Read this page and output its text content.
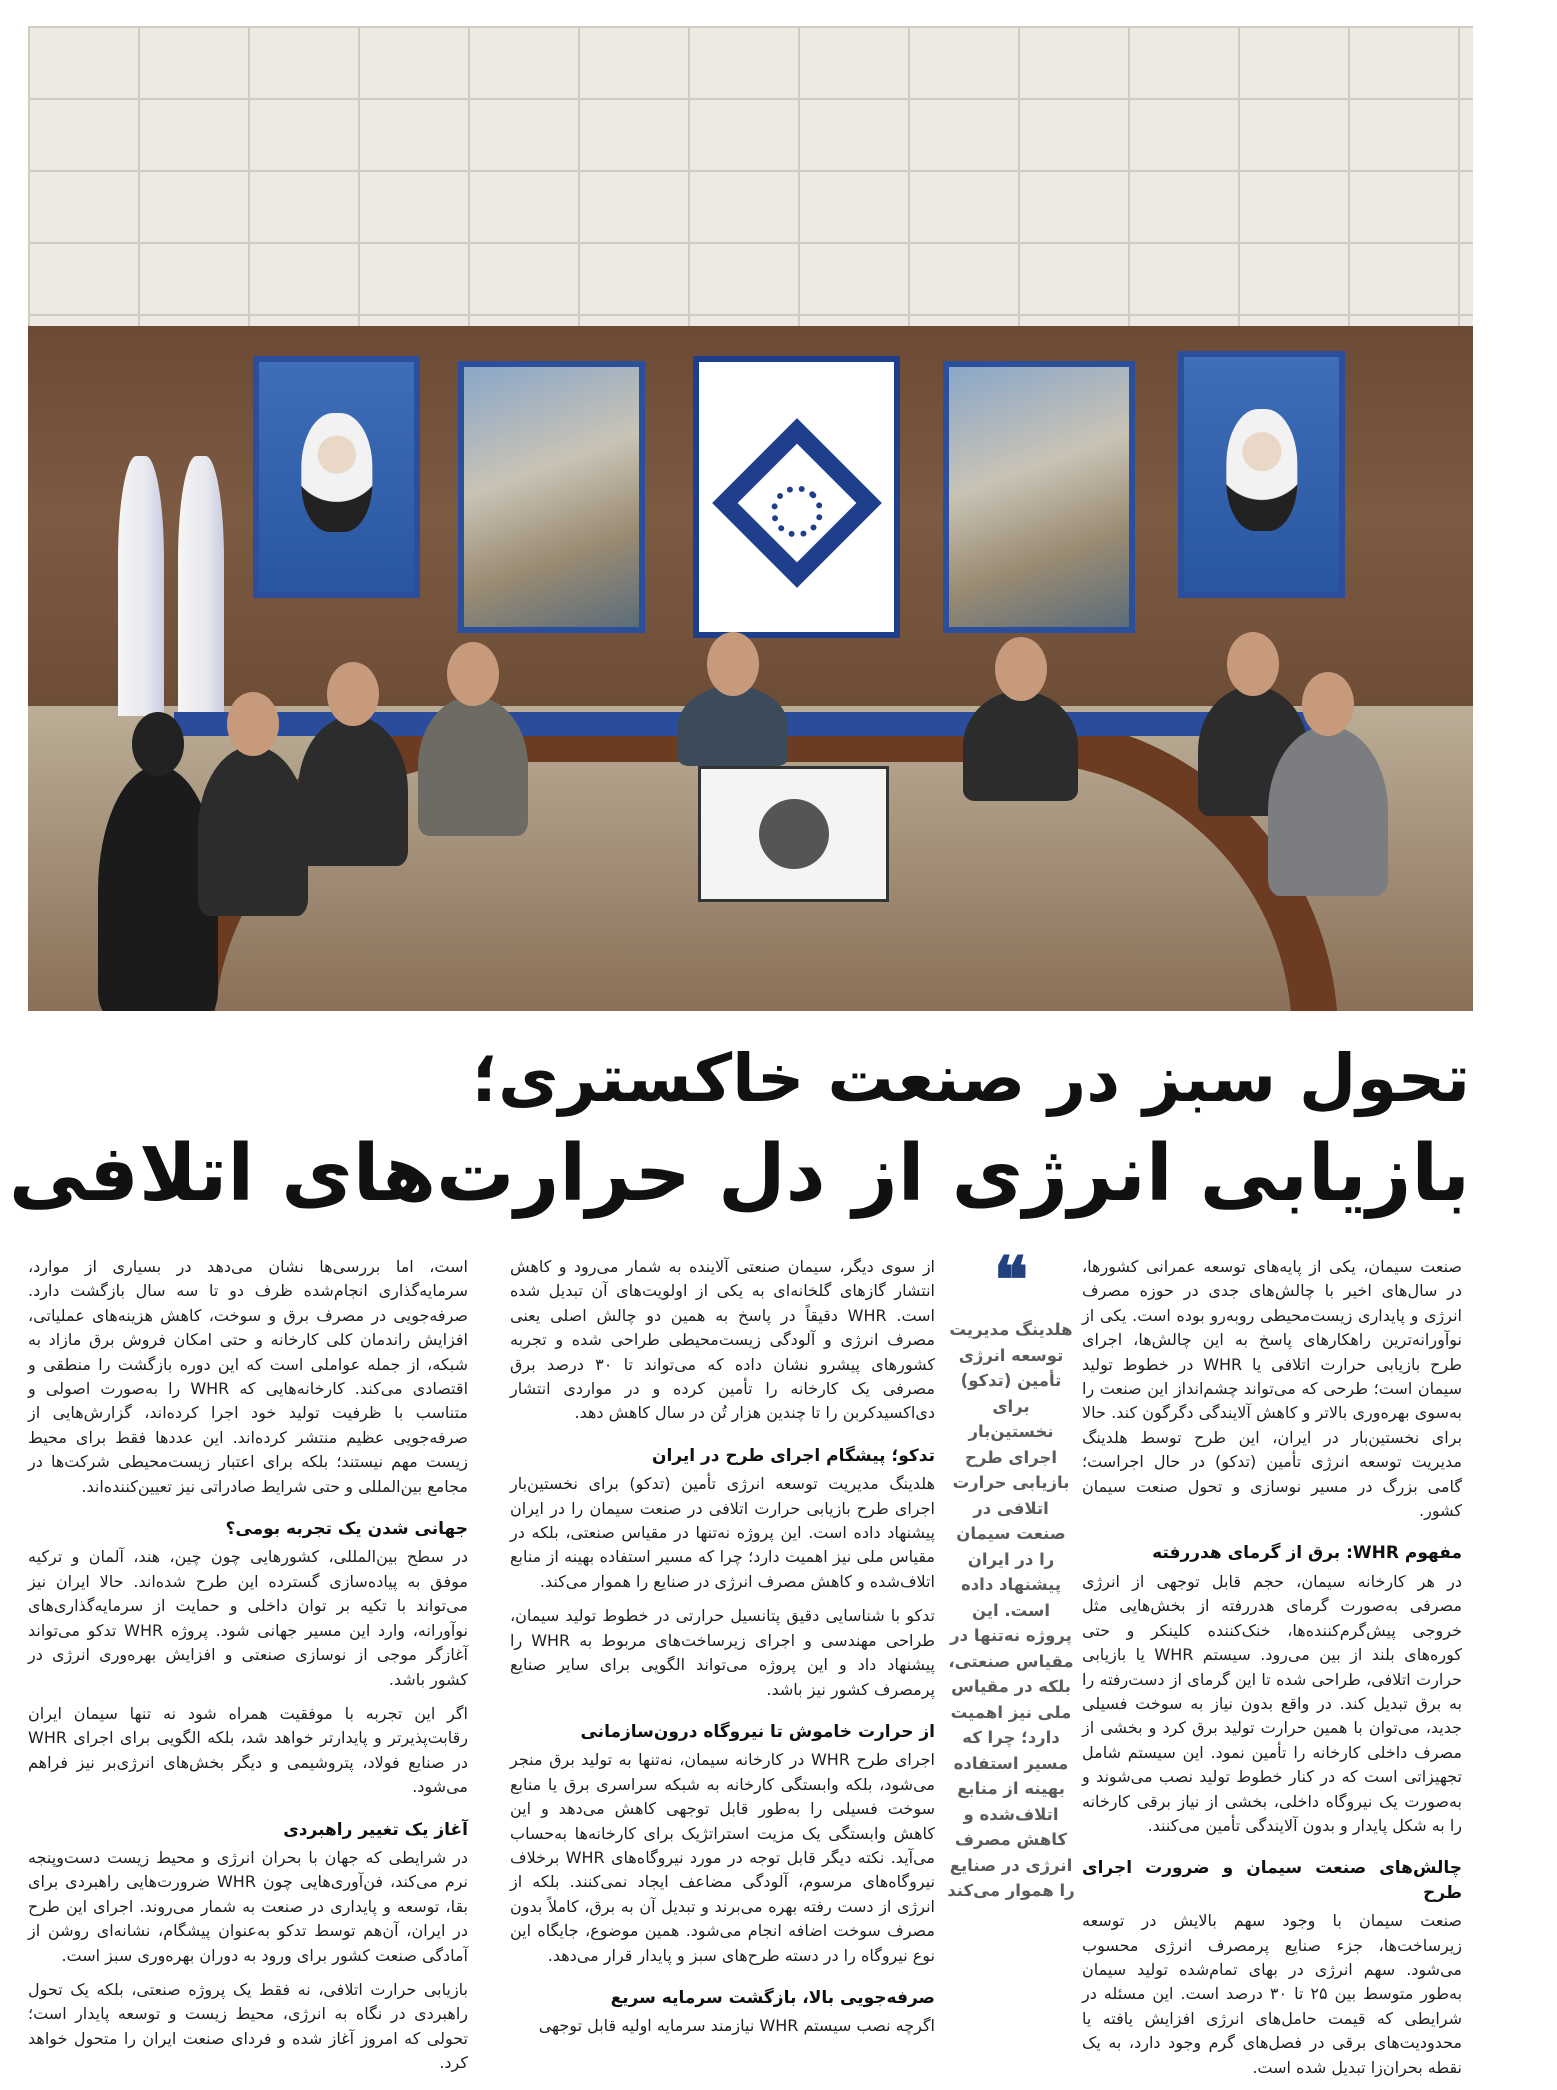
تحول سبز در صنعت خاکستری؛
بازیابی انرژی از دل حرارت‌های اتلافی

صنعت سیمان، یکی از پایه‌های توسعه عمرانی کشورها، در سال‌های اخیر با چالش‌های جدی در حوزه مصرف انرژی و پایداری زیست‌محیطی روبه‌رو بوده است. یکی از نوآورانه‌ترین راهکارهای پاسخ به این چالش‌ها، اجرای طرح بازیابی حرارت اتلافی یا WHR در خطوط تولید سیمان است؛ طرحی که می‌تواند چشم‌انداز این صنعت را به‌سوی بهره‌وری بالاتر و کاهش آلایندگی دگرگون کند. حالا برای نخستین‌بار در ایران، این طرح توسط هلدینگ مدیریت توسعه انرژی تأمین (تدکو) در حال اجراست؛ گامی بزرگ در مسیر نوسازی و تحول صنعت سیمان کشور.

مفهوم WHR: برق از گرمای هدررفته

در هر کارخانه سیمان، حجم قابل توجهی از انرژی مصرفی به‌صورت گرمای هدررفته از بخش‌هایی مثل خروجی پیش‌گرم‌کننده‌ها، خنک‌کننده کلینکر و حتی کوره‌های بلند از بین می‌رود. سیستم WHR یا بازیابی حرارت اتلافی، طراحی شده تا این گرمای از دست‌رفته را به برق تبدیل کند. در واقع بدون نیاز به سوخت فسیلی جدید، می‌توان با همین حرارت تولید برق کرد و بخشی از مصرف داخلی کارخانه را تأمین نمود. این سیستم شامل تجهیزاتی است که در کنار خطوط تولید نصب می‌شوند و به‌صورت یک نیروگاه داخلی، بخشی از نیاز برقی کارخانه را به شکل پایدار و بدون آلایندگی تأمین می‌کنند.

چالش‌های صنعت سیمان و ضرورت اجرای طرح

صنعت سیمان با وجود سهم بالایش در توسعه زیرساخت‌ها، جزء صنایع پرمصرف انرژی محسوب می‌شود. سهم انرژی در بهای تمام‌شده تولید سیمان به‌طور متوسط بین ۲۵ تا ۳۰ درصد است. این مسئله در شرایطی که قیمت حامل‌های انرژی افزایش یافته یا محدودیت‌های برقی در فصل‌های گرم وجود دارد، به یک نقطه بحران‌زا تبدیل شده است.

❝
هلدینگ مدیریت توسعه انرژی تأمین (تدکو) برای نخستین‌بار اجرای طرح بازیابی حرارت اتلافی در صنعت سیمان را در ایران پیشنهاد داده است. این پروژه نه‌تنها در مقیاس صنعتی، بلکه در مقیاس ملی نیز اهمیت دارد؛ چرا که مسیر استفاده بهینه از منابع اتلاف‌شده و کاهش مصرف انرژی در صنایع را هموار می‌کند

از سوی دیگر، سیمان صنعتی آلاینده به شمار می‌رود و کاهش انتشار گازهای گلخانه‌ای به یکی از اولویت‌های آن تبدیل شده است. WHR دقیقاً در پاسخ به همین دو چالش اصلی یعنی مصرف انرژی و آلودگی زیست‌محیطی طراحی شده و تجربه کشورهای پیشرو نشان داده که می‌تواند تا ۳۰ درصد برق مصرفی یک کارخانه را تأمین کرده و در مواردی انتشار دی‌اکسیدکربن را تا چندین هزار تُن در سال کاهش دهد.

تدکو؛ پیشگام اجرای طرح در ایران

هلدینگ مدیریت توسعه انرژی تأمین (تدکو) برای نخستین‌بار اجرای طرح بازیابی حرارت اتلافی در صنعت سیمان را در ایران پیشنهاد داده است. این پروژه نه‌تنها در مقیاس صنعتی، بلکه در مقیاس ملی نیز اهمیت دارد؛ چرا که مسیر استفاده بهینه از منابع اتلاف‌شده و کاهش مصرف انرژی در صنایع را هموار می‌کند.

تدکو با شناسایی دقیق پتانسیل حرارتی در خطوط تولید سیمان، طراحی مهندسی و اجرای زیرساخت‌های مربوط به WHR را پیشنهاد داد و این پروژه می‌تواند الگویی برای سایر صنایع پرمصرف کشور نیز باشد.

از حرارت خاموش تا نیروگاه درون‌سازمانی

اجرای طرح WHR در کارخانه سیمان، نه‌تنها به تولید برق منجر می‌شود، بلکه وابستگی کارخانه به شبکه سراسری برق یا منابع سوخت فسیلی را به‌طور قابل توجهی کاهش می‌دهد و این کاهش وابستگی یک مزیت استراتژیک برای کارخانه‌ها به‌حساب می‌آید. نکته دیگر قابل توجه در مورد نیروگاه‌های WHR برخلاف نیروگاه‌های مرسوم، آلودگی مضاعف ایجاد نمی‌کنند. بلکه از انرژی از دست رفته بهره می‌برند و تبدیل آن به برق، کاملاً بدون مصرف سوخت اضافه انجام می‌شود. همین موضوع، جایگاه این نوع نیروگاه را در دسته طرح‌های سبز و پایدار قرار می‌دهد.

صرفه‌جویی بالا، بازگشت سرمایه سریع

اگرچه نصب سیستم WHR نیازمند سرمایه اولیه قابل توجهی

است، اما بررسی‌ها نشان می‌دهد در بسیاری از موارد، سرمایه‌گذاری انجام‌شده ظرف دو تا سه سال بازگشت دارد. صرفه‌جویی در مصرف برق و سوخت، کاهش هزینه‌های عملیاتی، افزایش راندمان کلی کارخانه و حتی امکان فروش برق مازاد به شبکه، از جمله عواملی است که این دوره بازگشت را منطقی و اقتصادی می‌کند. کارخانه‌هایی که WHR را به‌صورت اصولی و متناسب با ظرفیت تولید خود اجرا کرده‌اند، گزارش‌هایی از صرفه‌جویی عظیم منتشر کرده‌اند. این عددها فقط برای محیط زیست مهم نیستند؛ بلکه برای اعتبار زیست‌محیطی شرکت‌ها در مجامع بین‌المللی و حتی شرایط صادراتی نیز تعیین‌کننده‌اند.

جهانی شدن یک تجربه بومی؟

در سطح بین‌المللی، کشورهایی چون چین، هند، آلمان و ترکیه موفق به پیاده‌سازی گسترده این طرح شده‌اند. حالا ایران نیز می‌تواند با تکیه بر توان داخلی و حمایت از سرمایه‌گذاری‌های نوآورانه، وارد این مسیر جهانی شود. پروژه WHR تدکو می‌تواند آغازگر موجی از نوسازی صنعتی و افزایش بهره‌وری انرژی در کشور باشد.

اگر این تجربه با موفقیت همراه شود نه تنها سیمان ایران رقابت‌پذیرتر و پایدارتر خواهد شد، بلکه الگویی برای اجرای WHR در صنایع فولاد، پتروشیمی و دیگر بخش‌های انرژی‌بر نیز فراهم می‌شود.

آغاز یک تغییر راهبردی

در شرایطی که جهان با بحران انرژی و محیط زیست دست‌وپنجه نرم می‌کند، فن‌آوری‌هایی چون WHR ضرورت‌هایی راهبردی برای بقا، توسعه و پایداری در صنعت به شمار می‌روند. اجرای این طرح در ایران، آن‌هم توسط تدکو به‌عنوان پیشگام، نشانه‌ای روشن از آمادگی صنعت کشور برای ورود به دوران بهره‌وری سبز است.

بازیابی حرارت اتلافی، نه فقط یک پروژه صنعتی، بلکه یک تحول راهبردی در نگاه به انرژی، محیط زیست و توسعه پایدار است؛ تحولی که امروز آغاز شده و فردای صنعت ایران را متحول خواهد کرد.
